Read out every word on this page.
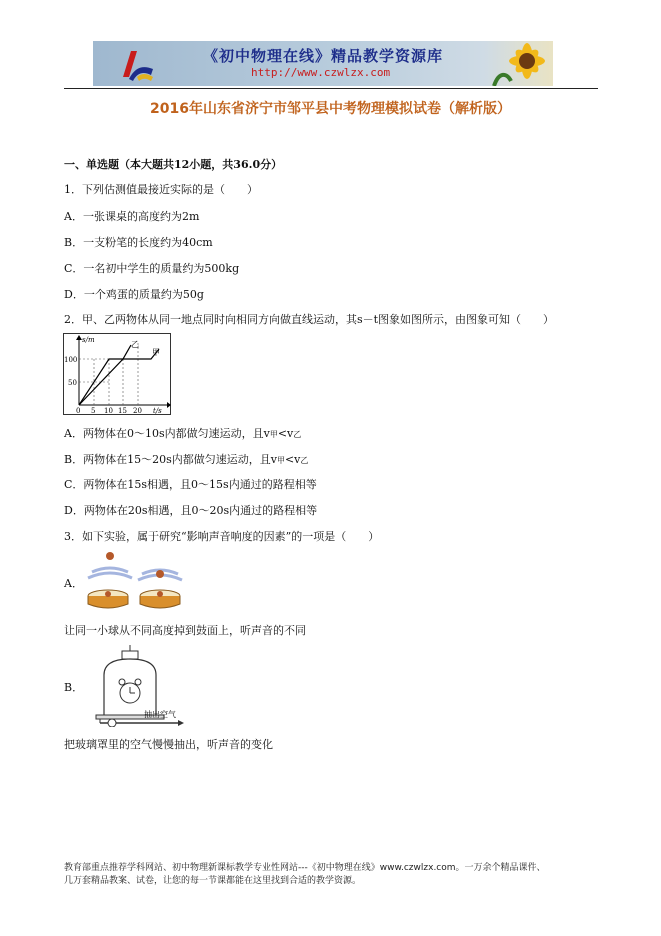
《初中物理在线》精品教学资源库
http://www.czwlzx.com
2016年山东省济宁市邹平县中考物理模拟试卷（解析版）
一、单选题（本大题共12小题，共36.0分）
1．下列估测值最接近实际的是（　　）
A．一张课桌的高度约为2m
B．一支粉笔的长度约为40cm
C．一名初中学生的质量约为500kg
D．一个鸡蛋的质量约为50g
2．甲、乙两物体从同一地点同时向相同方向做直线运动，其s－t图象如图所示，由图象可知（　　）
乙
甲
s/m
t/s
100
50
0 5 10 15 20
A．两物体在0～10s内都做匀速运动，且v甲<v乙
B．两物体在15～20s内都做匀速运动，且v甲<v乙
C．两物体在15s相遇，且0～15s内通过的路程相等
D．两物体在20s相遇，且0～20s内通过的路程相等
3．如下实验，属于研究“影响声音响度的因素”的一项是（　　）
A．
让同一小球从不同高度掉到鼓面上，听声音的不同
B．
抽出空气
把玻璃罩里的空气慢慢抽出，听声音的变化
教育部重点推荐学科网站、初中物理新课标教学专业性网站---《初中物理在线》www.czwlzx.com。一万余个精品课件、
几万套精品教案、试卷，让您的每一节课都能在这里找到合适的教学资源。
